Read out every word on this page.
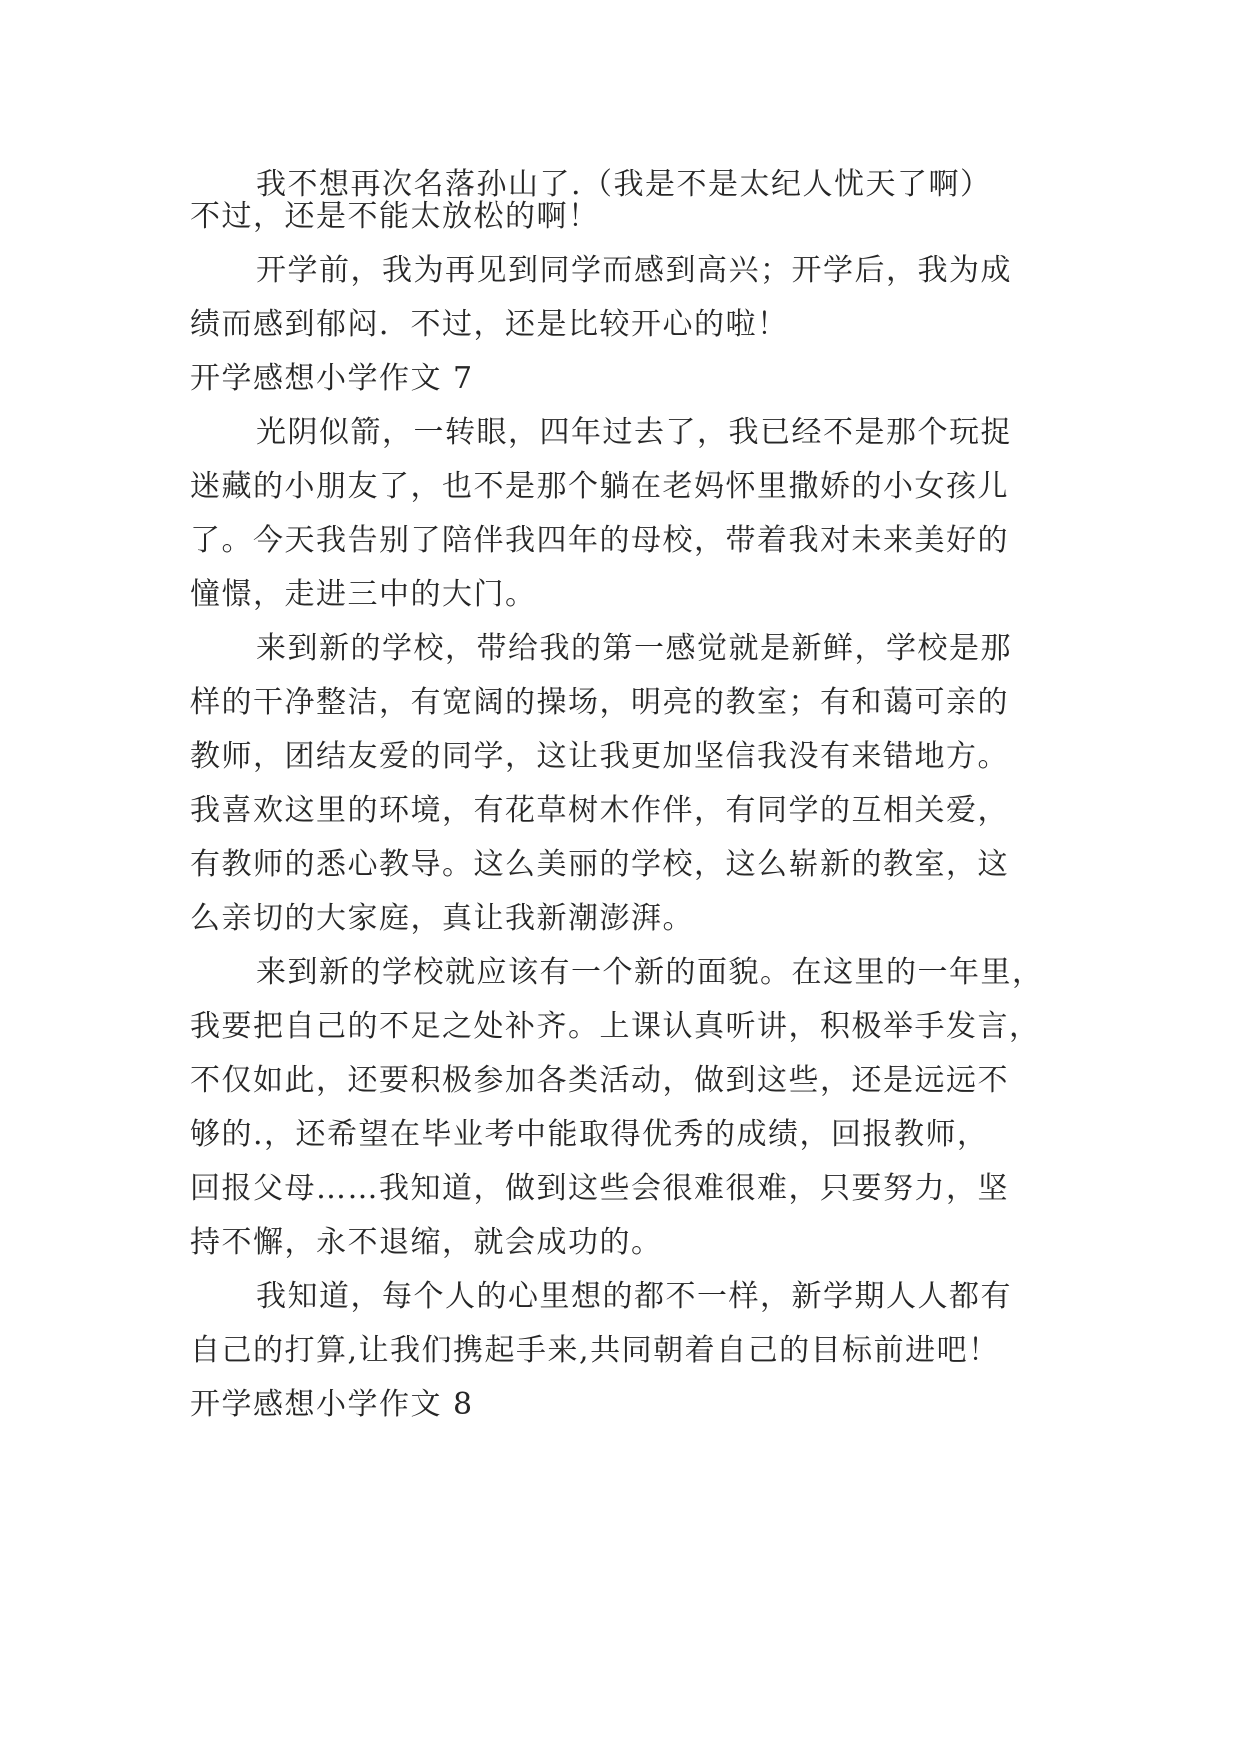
我不想再次名落孙山了.（我是不是太纪人忧天了啊）

不过，还是不能太放松的啊！

开学前，我为再见到同学而感到高兴；开学后，我为成

绩而感到郁闷．不过，还是比较开心的啦！

开学感想小学作文 7

光阴似箭，一转眼，四年过去了，我已经不是那个玩捉

迷藏的小朋友了，也不是那个躺在老妈怀里撒娇的小女孩儿

了。今天我告别了陪伴我四年的母校，带着我对未来美好的

憧憬，走进三中的大门。

来到新的学校，带给我的第一感觉就是新鲜，学校是那

样的干净整洁，有宽阔的操场，明亮的教室；有和蔼可亲的

教师，团结友爱的同学，这让我更加坚信我没有来错地方。

我喜欢这里的环境，有花草树木作伴，有同学的互相关爱，

有教师的悉心教导。这么美丽的学校，这么崭新的教室，这

么亲切的大家庭，真让我新潮澎湃。

来到新的学校就应该有一个新的面貌。在这里的一年里，

我要把自己的不足之处补齐。上课认真听讲，积极举手发言，

不仅如此，还要积极参加各类活动，做到这些，还是远远不

够的.，还希望在毕业考中能取得优秀的成绩，回报教师，

回报父母……我知道，做到这些会很难很难，只要努力，坚

持不懈，永不退缩，就会成功的。

我知道，每个人的心里想的都不一样，新学期人人都有

自己的打算,让我们携起手来,共同朝着自己的目标前进吧！

开学感想小学作文 8
